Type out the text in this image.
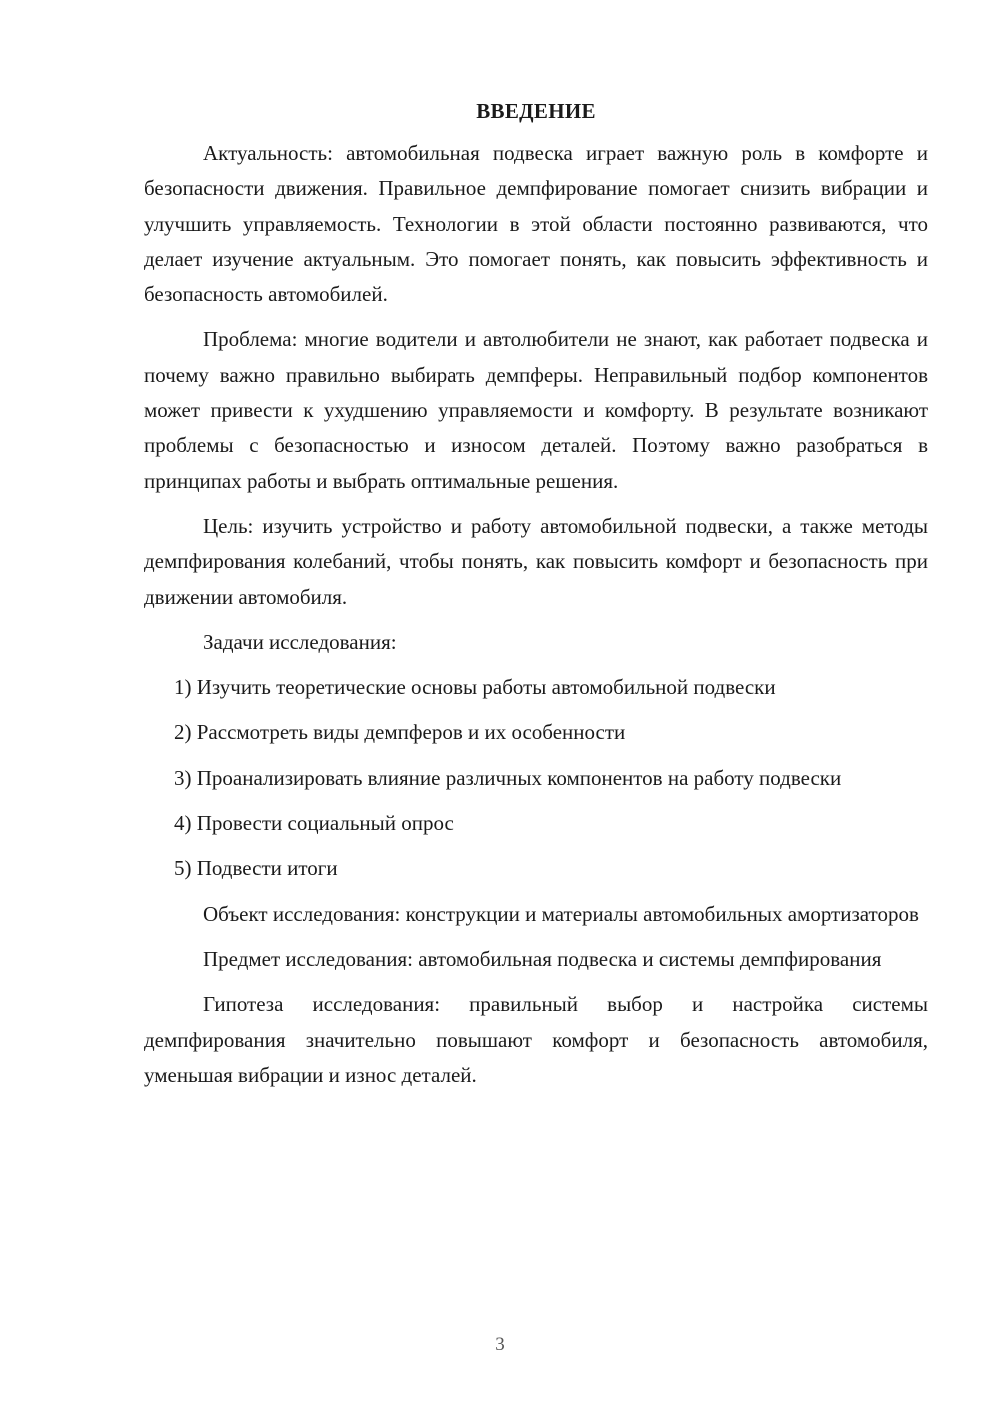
ВВЕДЕНИЕ

Актуальность: автомобильная подвеска играет важную роль в комфорте и безопасности движения. Правильное демпфирование помогает снизить вибрации и улучшить управляемость. Технологии в этой области постоянно развиваются, что делает изучение актуальным. Это помогает понять, как повысить эффективность и безопасность автомобилей.

Проблема: многие водители и автолюбители не знают, как работает подвеска и почему важно правильно выбирать демпферы. Неправильный подбор компонентов может привести к ухудшению управляемости и комфорту. В результате возникают проблемы с безопасностью и износом деталей. Поэтому важно разобраться в принципах работы и выбрать оптимальные решения.

Цель: изучить устройство и работу автомобильной подвески, а также методы демпфирования колебаний, чтобы понять, как повысить комфорт и безопасность при движении автомобиля.

Задачи исследования:

1) Изучить теоретические основы работы автомобильной подвески

2) Рассмотреть виды демпферов и их особенности

3) Проанализировать влияние различных компонентов на работу подвески

4) Провести социальный опрос

5) Подвести итоги

Объект исследования: конструкции и материалы автомобильных амортизаторов

Предмет исследования: автомобильная подвеска и системы демпфирования

Гипотеза исследования: правильный выбор и настройка системы демпфирования значительно повышают комфорт и безопасность автомобиля, уменьшая вибрации и износ деталей.

3
